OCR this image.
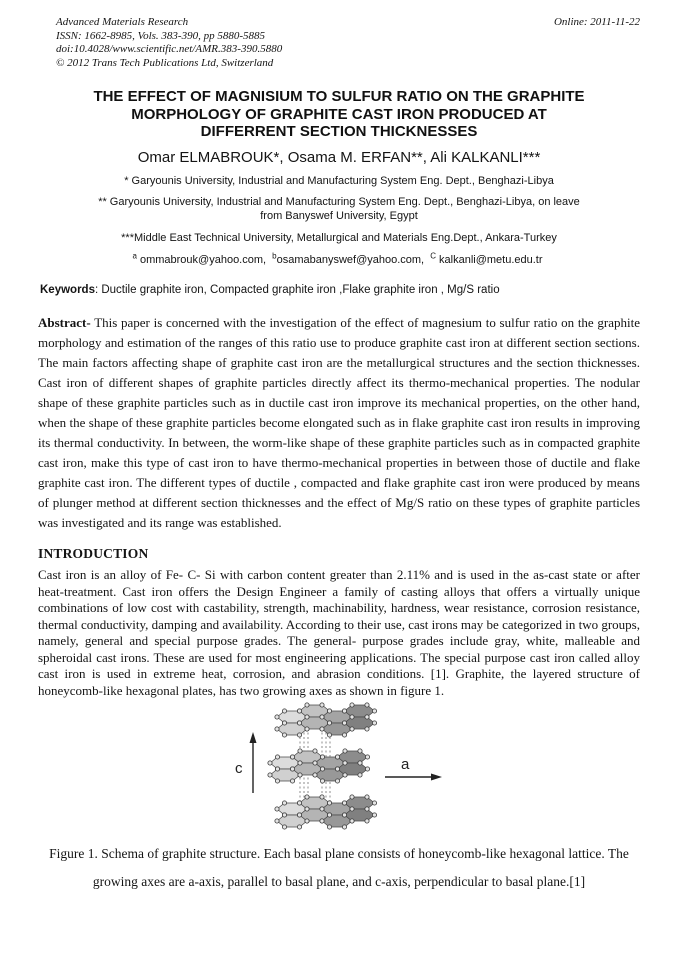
Advanced Materials Research
ISSN: 1662-8985, Vols. 383-390, pp 5880-5885
doi:10.4028/www.scientific.net/AMR.383-390.5880
© 2012 Trans Tech Publications Ltd, Switzerland
Online: 2011-11-22
THE EFFECT OF MAGNISIUM TO SULFUR RATIO ON THE GRAPHITE
MORPHOLOGY OF GRAPHITE CAST IRON PRODUCED AT
DIFFERRENT SECTION THICKNESSES
Omar ELMABROUK*, Osama M. ERFAN**, Ali KALKANLI***
* Garyounis University, Industrial and Manufacturing System Eng. Dept., Benghazi-Libya
** Garyounis University, Industrial and Manufacturing System Eng. Dept., Benghazi-Libya, on leave from Banyswef University, Egypt
***Middle East Technical University, Metallurgical and Materials Eng.Dept., Ankara-Turkey
$^a$ ommabrouk@yahoo.com, $^b$osamabanyswef@yahoo.com, $^C$ kalkanli@metu.edu.tr
Keywords: Ductile graphite iron, Compacted graphite iron ,Flake graphite iron , Mg/S ratio

Abstract- This paper is concerned with the investigation of the effect of magnesium to sulfur ratio on the graphite morphology and estimation of the ranges of this ratio use to produce graphite cast iron at different section sections. The main factors affecting shape of graphite cast iron are the metallurgical structures and the section thicknesses. Cast iron of different shapes of graphite particles directly affect its thermo-mechanical properties. The nodular shape of these graphite particles such as in ductile cast iron improve its mechanical properties, on the other hand, when the shape of these graphite particles become elongated such as in flake graphite cast iron results in improving its thermal conductivity. In between, the worm-like shape of these graphite particles such as in compacted graphite cast iron, make this type of cast iron to have thermo-mechanical properties in between those of ductile and flake graphite cast iron. The different types of ductile , compacted and flake graphite cast iron were produced by means of plunger method at different section thicknesses and the effect of Mg/S ratio on these types of graphite particles was investigated and its range was established.

INTRODUCTION

Cast iron is an alloy of Fe- C- Si with carbon content greater than 2.11% and is used in the as-cast state or after heat-treatment. Cast iron offers the Design Engineer a family of casting alloys that offers a virtually unique combinations of low cost with castability, strength, machinability, hardness, wear resistance, corrosion resistance, thermal conductivity, damping and availability. According to their use, cast irons may be categorized in two groups, namely, general and special purpose grades. The general- purpose grades include gray, white, malleable and spheroidal cast irons. These are used for most engineering applications. The special purpose cast iron called alloy cast iron is used in extreme heat, corrosion, and abrasion conditions. [1]. Graphite, the layered structure of honeycomb-like hexagonal plates, has two growing axes as shown in figure 1.

c	a
Figure 1. Schema of graphite structure. Each basal plane consists of honeycomb-like hexagonal lattice. The growing axes are a-axis, parallel to basal plane, and c-axis, perpendicular to basal plane.[1]
